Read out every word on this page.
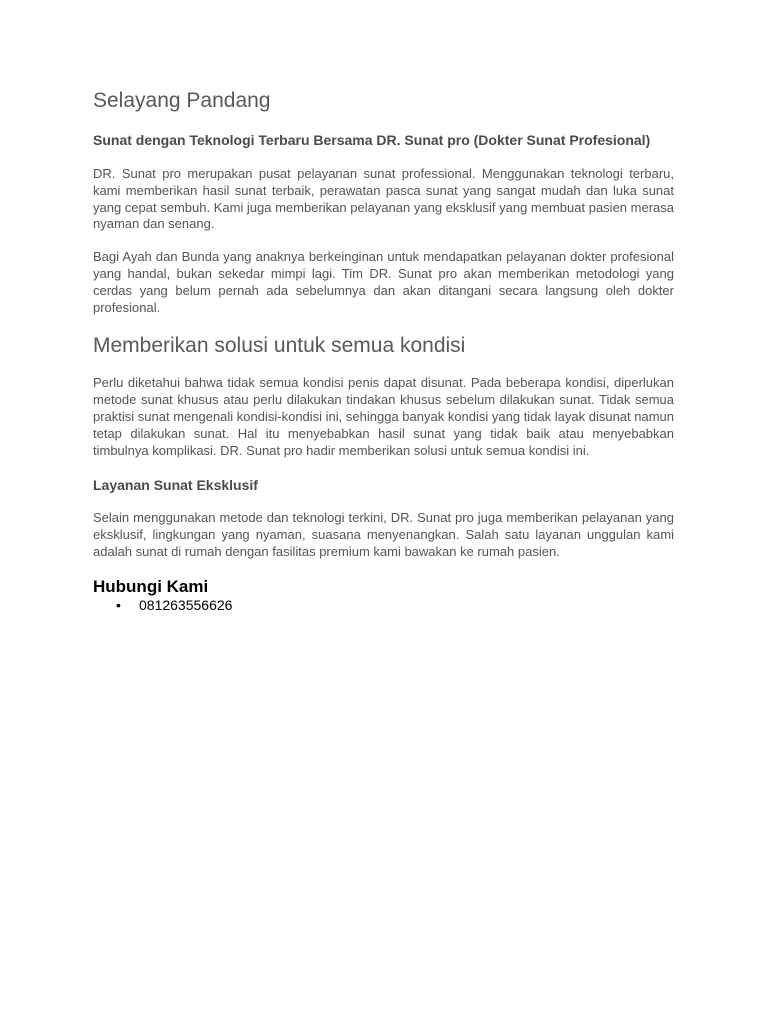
Selayang Pandang
Sunat dengan Teknologi Terbaru Bersama DR. Sunat pro (Dokter Sunat Profesional)

DR. Sunat pro merupakan pusat pelayanan sunat professional. Menggunakan teknologi terbaru, kami memberikan hasil sunat terbaik, perawatan pasca sunat yang sangat mudah dan luka sunat yang cepat sembuh. Kami juga memberikan pelayanan yang eksklusif yang membuat pasien merasa nyaman dan senang.

Bagi Ayah dan Bunda yang anaknya berkeinginan untuk mendapatkan pelayanan dokter profesional yang handal, bukan sekedar mimpi lagi. Tim DR. Sunat pro akan memberikan metodologi yang cerdas yang belum pernah ada sebelumnya dan akan ditangani secara langsung oleh dokter profesional.

Memberikan solusi untuk semua kondisi

Perlu diketahui bahwa tidak semua kondisi penis dapat disunat. Pada beberapa kondisi, diperlukan metode sunat khusus atau perlu dilakukan tindakan khusus sebelum dilakukan sunat. Tidak semua praktisi sunat mengenali kondisi-kondisi ini, sehingga banyak kondisi yang tidak layak disunat namun tetap dilakukan sunat. Hal itu menyebabkan hasil sunat yang tidak baik atau menyebabkan timbulnya komplikasi. DR. Sunat pro hadir memberikan solusi untuk semua kondisi ini.

Layanan Sunat Eksklusif

Selain menggunakan metode dan teknologi terkini, DR. Sunat pro juga memberikan pelayanan yang eksklusif, lingkungan yang nyaman, suasana menyenangkan. Salah satu layanan unggulan kami adalah sunat di rumah dengan fasilitas premium kami bawakan ke rumah pasien.

Hubungi Kami
• 081263556626
